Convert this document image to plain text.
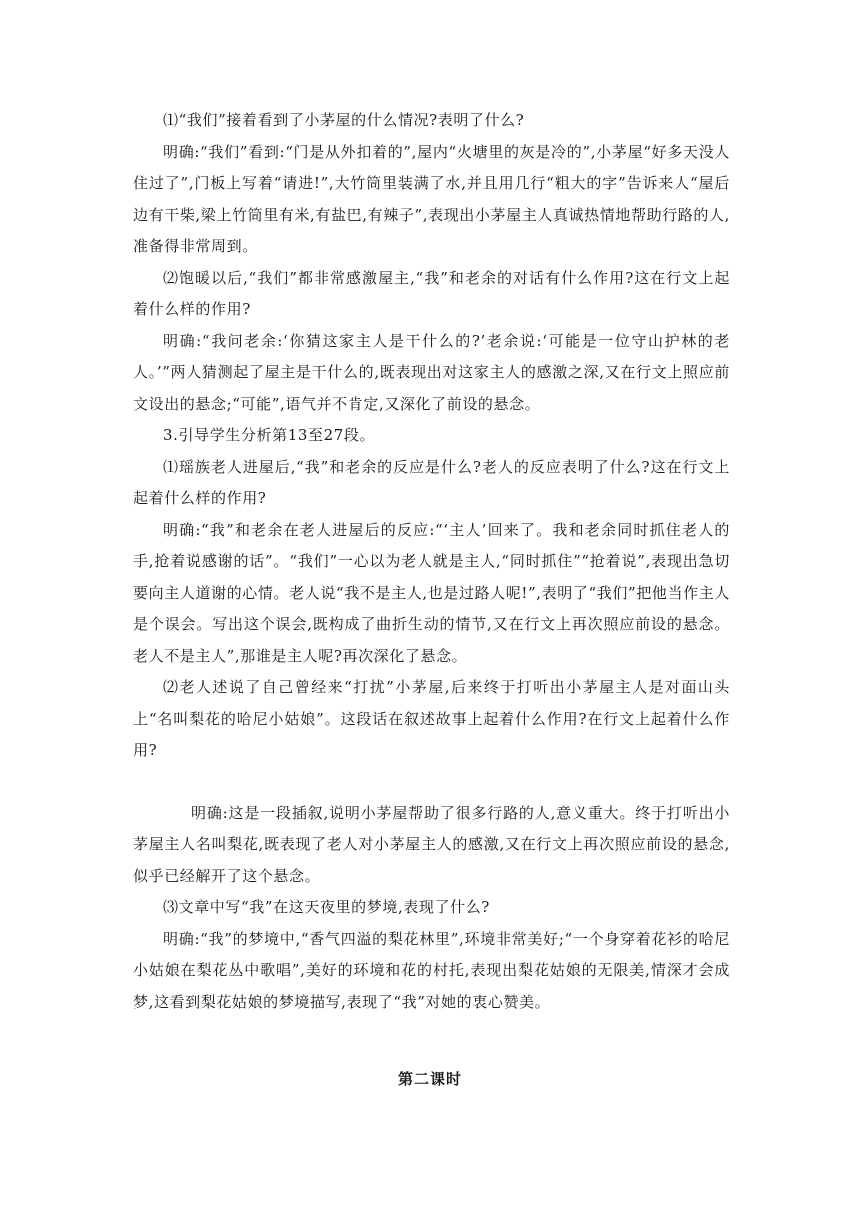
⑴“我们”接着看到了小茅屋的什么情况?表明了什么?

明确:“我们”看到:“门是从外扣着的”,屋内“火塘里的灰是冷的”,小茅屋“好多天没人住过了”,门板上写着“请进!”,大竹筒里装满了水,并且用几行“粗大的字”告诉来人“屋后边有干柴,梁上竹筒里有米,有盐巴,有辣子”,表现出小茅屋主人真诚热情地帮助行路的人,准备得非常周到。

⑵饱暖以后,“我们”都非常感激屋主,“我”和老余的对话有什么作用?这在行文上起着什么样的作用?

明确:“我问老余:‘你猜这家主人是干什么的?’老余说:‘可能是一位守山护林的老人。’”两人猜测起了屋主是干什么的,既表现出对这家主人的感激之深,又在行文上照应前文设出的悬念;“可能”,语气并不肯定,又深化了前设的悬念。

3.引导学生分析第13至27段。

⑴瑶族老人进屋后,“我”和老余的反应是什么?老人的反应表明了什么?这在行文上起着什么样的作用?

明确:“我”和老余在老人进屋后的反应:“‘主人’回来了。我和老余同时抓住老人的手,抢着说感谢的话”。“我们”一心以为老人就是主人,“同时抓住”“抢着说”,表现出急切要向主人道谢的心情。老人说“我不是主人,也是过路人呢!”,表明了“我们”把他当作主人是个误会。写出这个误会,既构成了曲折生动的情节,又在行文上再次照应前设的悬念。老人不是主人”,那谁是主人呢?再次深化了悬念。

⑵老人述说了自己曾经来“打扰”小茅屋,后来终于打听出小茅屋主人是对面山头上“名叫梨花的哈尼小姑娘”。这段话在叙述故事上起着什么作用?在行文上起着什么作用?

明确:这是一段插叙,说明小茅屋帮助了很多行路的人,意义重大。终于打听出小茅屋主人名叫梨花,既表现了老人对小茅屋主人的感激,又在行文上再次照应前设的悬念,似乎已经解开了这个悬念。

⑶文章中写“我”在这天夜里的梦境,表现了什么?

明确:“我”的梦境中,“香气四溢的梨花林里”,环境非常美好;“一个身穿着花衫的哈尼小姑娘在梨花丛中歌唱”,美好的环境和花的村托,表现出梨花姑娘的无限美,情深才会成梦,这看到梨花姑娘的梦境描写,表现了“我”对她的衷心赞美。

第二课时
